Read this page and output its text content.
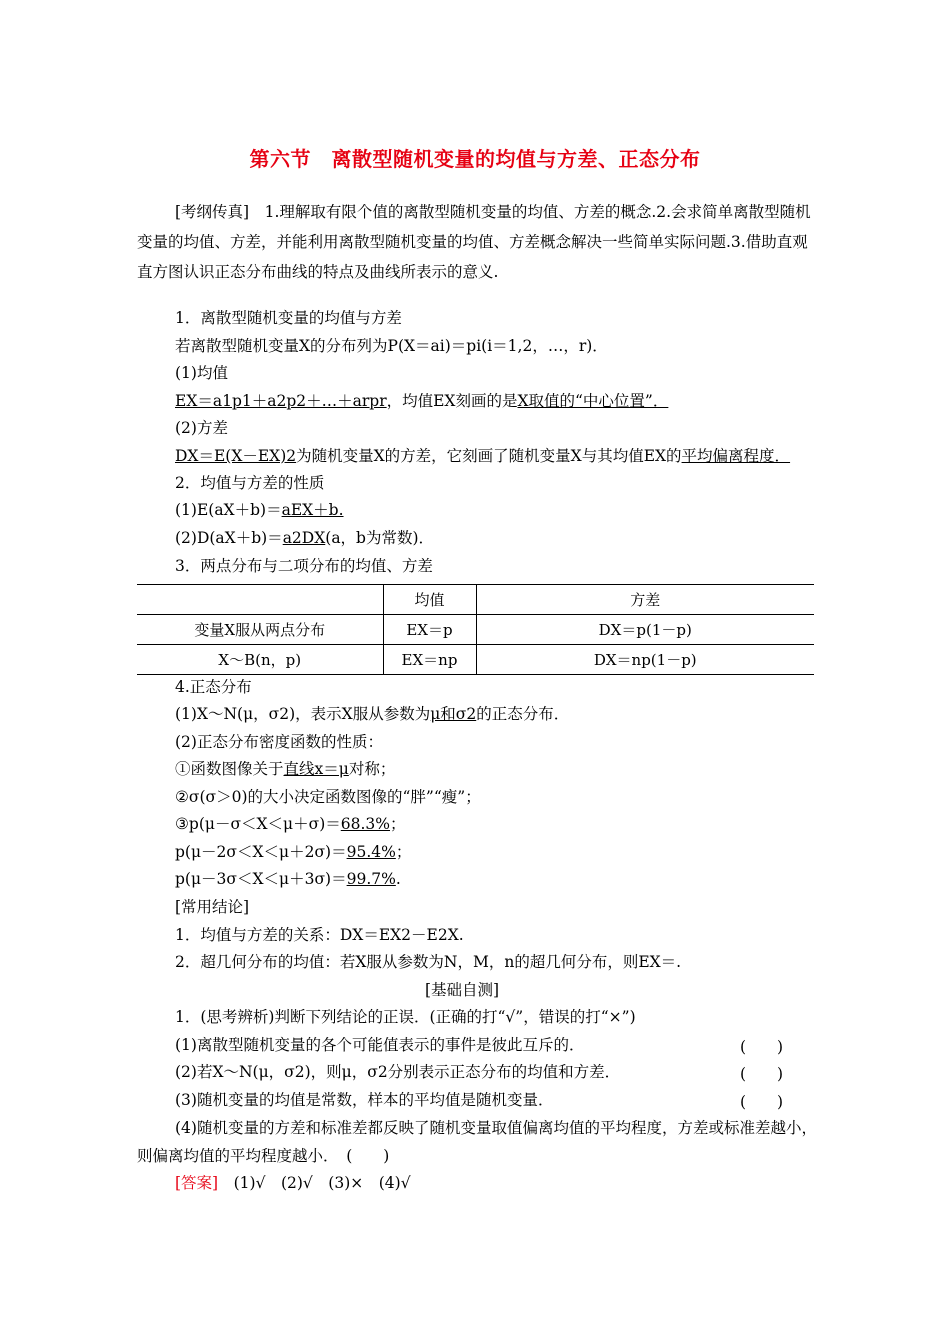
第六节　离散型随机变量的均值与方差、正态分布
[考纲传真]　1.理解取有限个值的离散型随机变量的均值、方差的概念.2.会求简单离散型随机变量的均值、方差，并能利用离散型随机变量的均值、方差概念解决一些简单实际问题.3.借助直观直方图认识正态分布曲线的特点及曲线所表示的意义.
1．离散型随机变量的均值与方差
若离散型随机变量X的分布列为P(X＝ai)＝pi(i＝1,2，…，r)．
(1)均值
EX＝a1p1＋a2p2＋…＋arpr，均值EX刻画的是X取值的“中心位置”．
(2)方差
DX＝E(X－EX)2为随机变量X的方差，它刻画了随机变量X与其均值EX的平均偏离程度．
2．均值与方差的性质
(1)E(aX＋b)＝aEX＋b.
(2)D(aX＋b)＝a2DX(a，b为常数)．
3．两点分布与二项分布的均值、方差
	均值	方差
变量X服从两点分布	EX＝p	DX＝p(1－p)
X～B(n，p)	EX＝np	DX＝np(1－p)
4.正态分布
(1)X～N(μ，σ2)，表示X服从参数为μ和σ2的正态分布．
(2)正态分布密度函数的性质：
①函数图像关于直线x＝μ对称；
②σ(σ＞0)的大小决定函数图像的“胖”“瘦”；
③p(μ－σ＜X＜μ＋σ)＝68.3%；
p(μ－2σ＜X＜μ＋2σ)＝95.4%；
p(μ－3σ＜X＜μ＋3σ)＝99.7%.
[常用结论]
1．均值与方差的关系：DX＝EX2－E2X.
2．超几何分布的均值：若X服从参数为N，M，n的超几何分布，则EX＝.
[基础自测]
1．(思考辨析)判断下列结论的正误．(正确的打“√”，错误的打“×”)
(1)离散型随机变量的各个可能值表示的事件是彼此互斥的．	(　　)
(2)若X～N(μ，σ2)，则μ，σ2分别表示正态分布的均值和方差．	(　　)
(3)随机变量的均值是常数，样本的平均值是随机变量．	(　　)
(4)随机变量的方差和标准差都反映了随机变量取值偏离均值的平均程度，方差或标准差越小，则偏离均值的平均程度越小．　(　　)
[答案]　 (1)√　(2)√　(3)×　(4)√
